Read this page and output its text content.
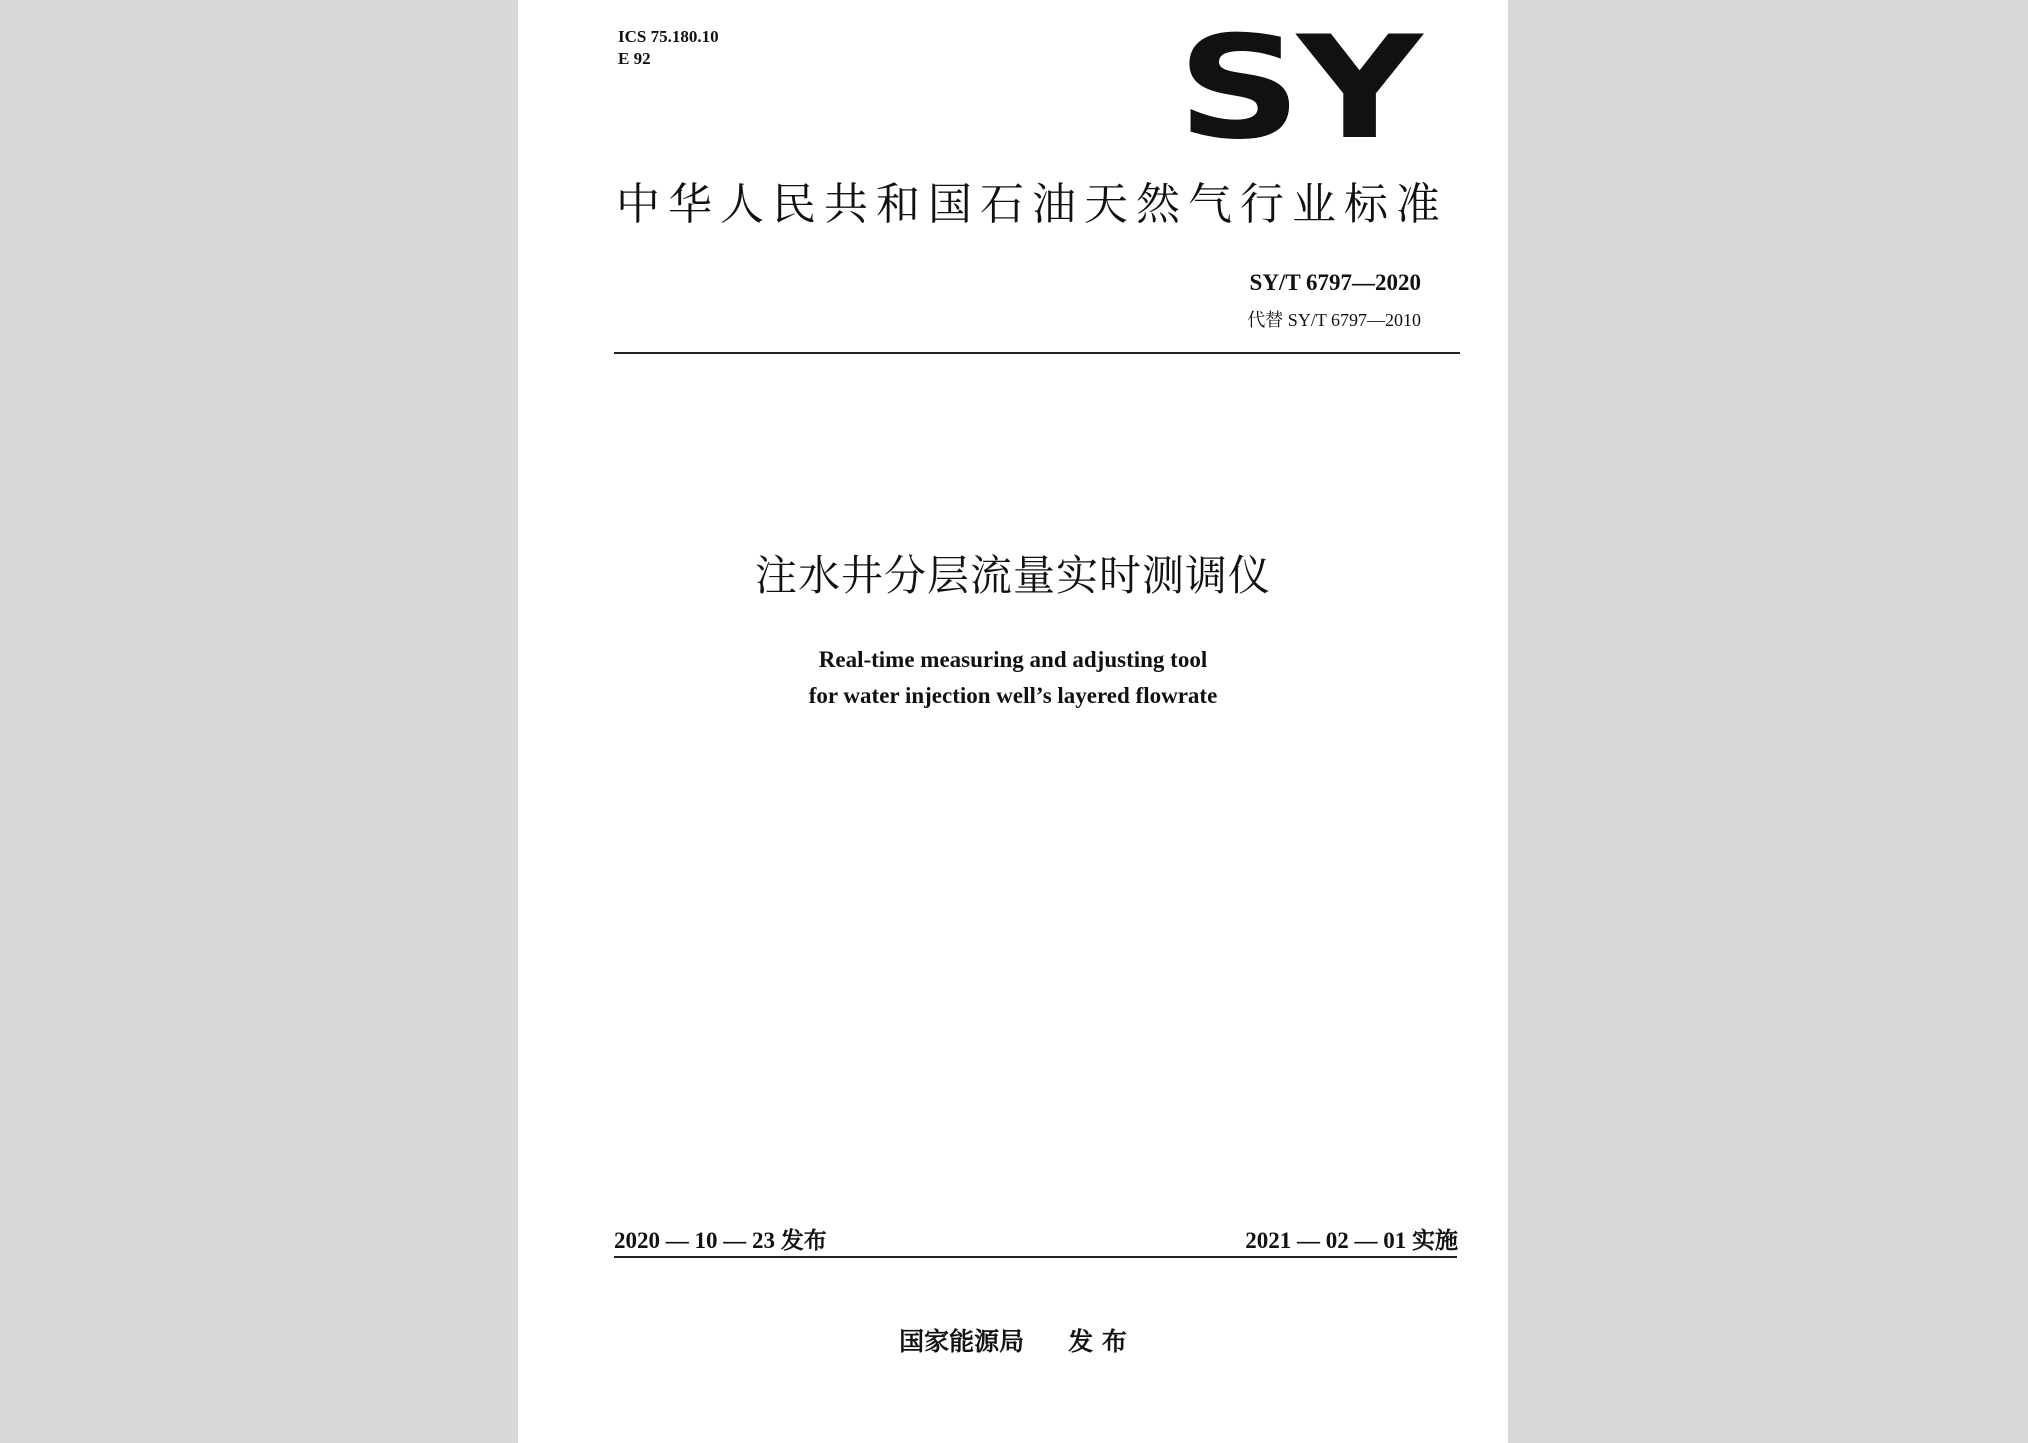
ICS 75.180.10
E 92	SY
中华人民共和国石油天然气行业标准
SY/T 6797—2020
代替 SY/T 6797—2010
注水井分层流量实时测调仪
Real-time measuring and adjusting tool
for water injection well’s layered flowrate
2020 — 10 — 23 发布	2021 — 02 — 01 实施
国家能源局 发 布
